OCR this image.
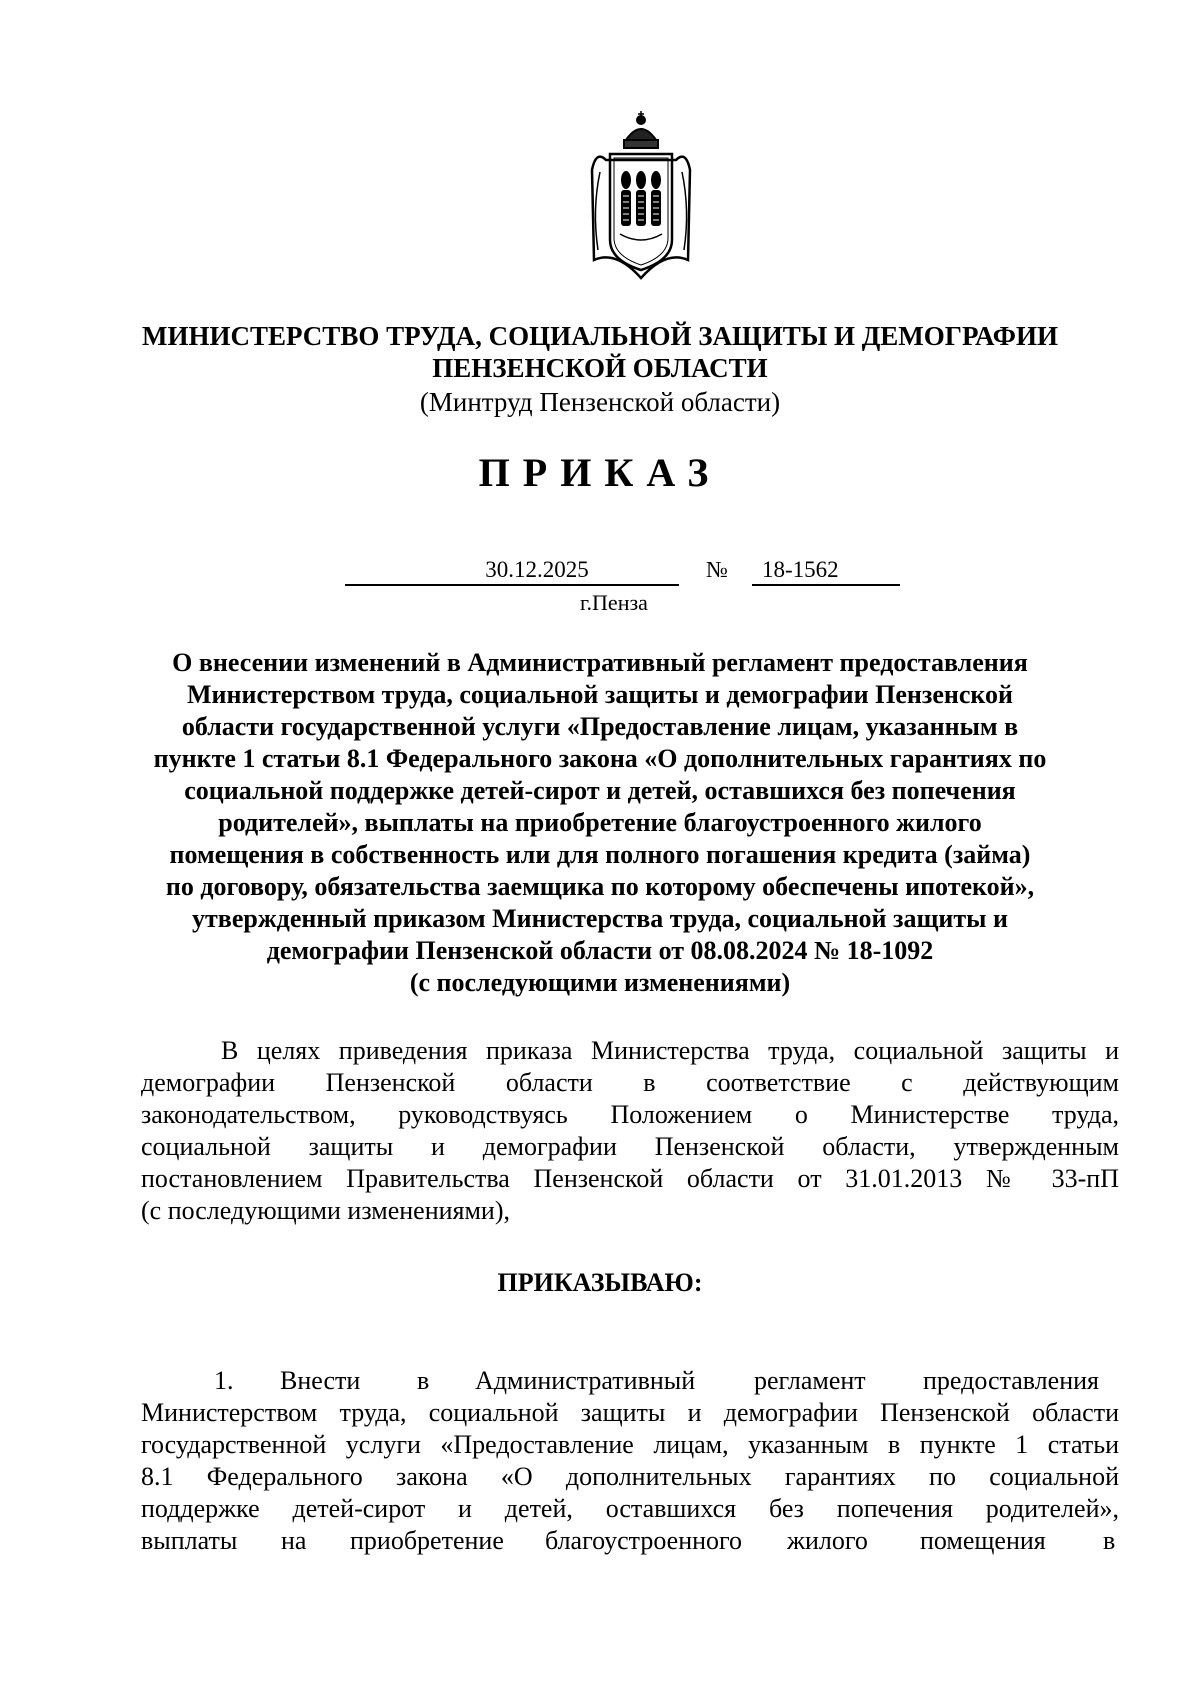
МИНИСТЕРСТВО ТРУДА, СОЦИАЛЬНОЙ ЗАЩИТЫ И ДЕМОГРАФИИ
ПЕНЗЕНСКОЙ ОБЛАСТИ
(Минтруд Пензенской области)
ПРИКАЗ
30.12.2025	№	18-1562
г.Пенза
О внесении изменений в Административный регламент предоставления
Министерством труда, социальной защиты и демографии Пензенской
области государственной услуги «Предоставление лицам, указанным в
пункте 1 статьи 8.1 Федерального закона «О дополнительных гарантиях по
социальной поддержке детей-сирот и детей, оставшихся без попечения
родителей», выплаты на приобретение благоустроенного жилого
помещения в собственность или для полного погашения кредита (займа)
по договору, обязательства заемщика по которому обеспечены ипотекой»,
утвержденный приказом Министерства труда, социальной защиты и
демографии Пензенской области от 08.08.2024 № 18-1092
(с последующими изменениями)
В целях приведения приказа Министерства труда, социальной защиты и
демографии Пензенской области в соответствие с действующим
законодательством, руководствуясь Положением о Министерстве труда,
социальной защиты и демографии Пензенской области, утвержденным
постановлением Правительства Пензенской области от 31.01.2013 № 33-пП
(с последующими изменениями),
ПРИКАЗЫВАЮ:
1. Внести в Административный регламент предоставления
Министерством труда, социальной защиты и демографии Пензенской области
государственной услуги «Предоставление лицам, указанным в пункте 1 статьи
8.1 Федерального закона «О дополнительных гарантиях по социальной
поддержке детей-сирот и детей, оставшихся без попечения родителей»,
выплаты на приобретение благоустроенного жилого помещения в
